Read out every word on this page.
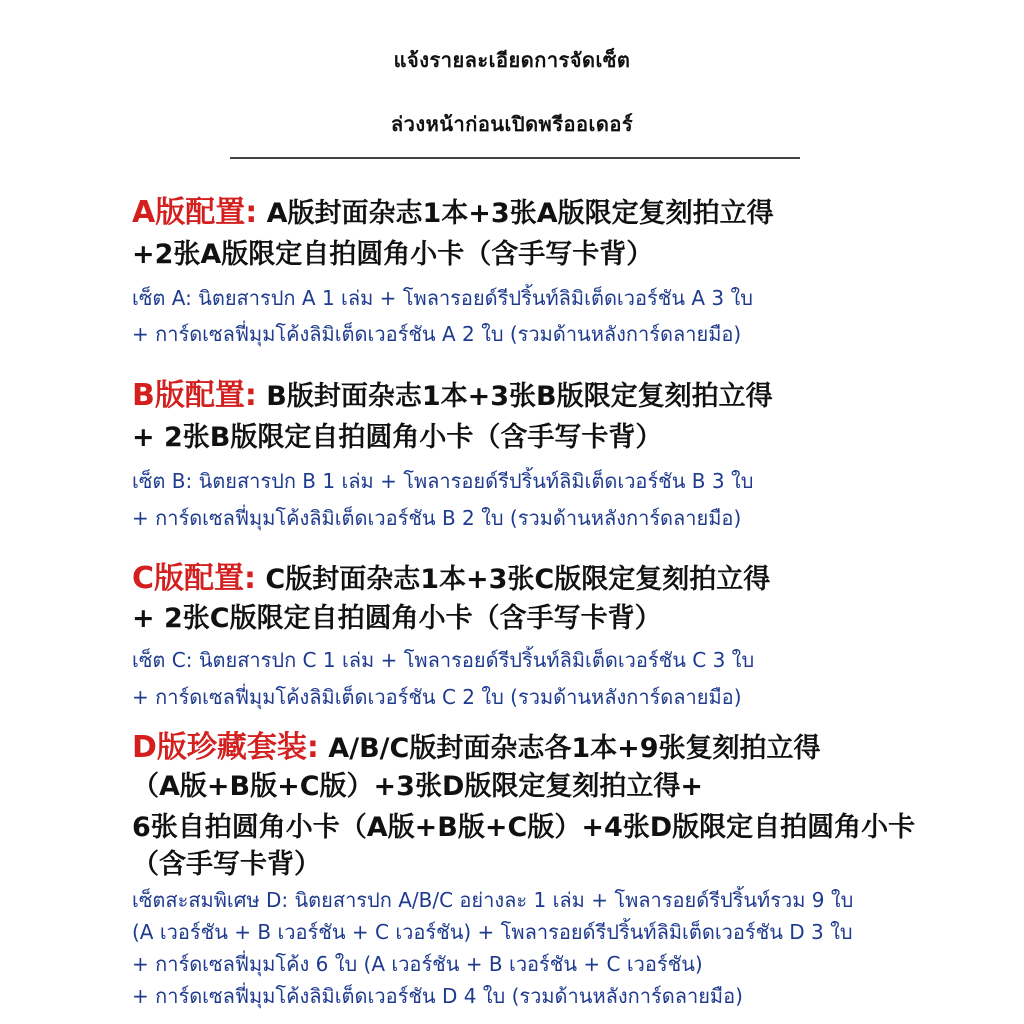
แจ้งรายละเอียดการจัดเซ็ต
ล่วงหน้าก่อนเปิดพรีออเดอร์
A版配置: A版封面杂志1本+3张A版限定复刻拍立得
+2张A版限定自拍圆角小卡（含手写卡背）
เซ็ต A: นิตยสารปก A 1 เล่ม + โพลารอยด์รีปริ้นท์ลิมิเต็ดเวอร์ชัน A 3 ใบ
+ การ์ดเซลฟี่มุมโค้งลิมิเต็ดเวอร์ชัน A 2 ใบ (รวมด้านหลังการ์ดลายมือ)
B版配置: B版封面杂志1本+3张B版限定复刻拍立得
+ 2张B版限定自拍圆角小卡（含手写卡背）
เซ็ต B: นิตยสารปก B 1 เล่ม + โพลารอยด์รีปริ้นท์ลิมิเต็ดเวอร์ชัน B 3 ใบ
+ การ์ดเซลฟี่มุมโค้งลิมิเต็ดเวอร์ชัน B 2 ใบ (รวมด้านหลังการ์ดลายมือ)
C版配置: C版封面杂志1本+3张C版限定复刻拍立得
+ 2张C版限定自拍圆角小卡（含手写卡背）
เซ็ต C: นิตยสารปก C 1 เล่ม + โพลารอยด์รีปริ้นท์ลิมิเต็ดเวอร์ชัน C 3 ใบ
+ การ์ดเซลฟี่มุมโค้งลิมิเต็ดเวอร์ชัน C 2 ใบ (รวมด้านหลังการ์ดลายมือ)
D版珍藏套装: A/B/C版封面杂志各1本+9张复刻拍立得
（A版+B版+C版）+3张D版限定复刻拍立得+
6张自拍圆角小卡（A版+B版+C版）+4张D版限定自拍圆角小卡
（含手写卡背）
เซ็ตสะสมพิเศษ D: นิตยสารปก A/B/C อย่างละ 1 เล่ม + โพลารอยด์รีปริ้นท์รวม 9 ใบ
(A เวอร์ชัน + B เวอร์ชัน + C เวอร์ชัน) + โพลารอยด์รีปริ้นท์ลิมิเต็ดเวอร์ชัน D 3 ใบ
+ การ์ดเซลฟี่มุมโค้ง 6 ใบ (A เวอร์ชัน + B เวอร์ชัน + C เวอร์ชัน)
+ การ์ดเซลฟี่มุมโค้งลิมิเต็ดเวอร์ชัน D 4 ใบ (รวมด้านหลังการ์ดลายมือ)
